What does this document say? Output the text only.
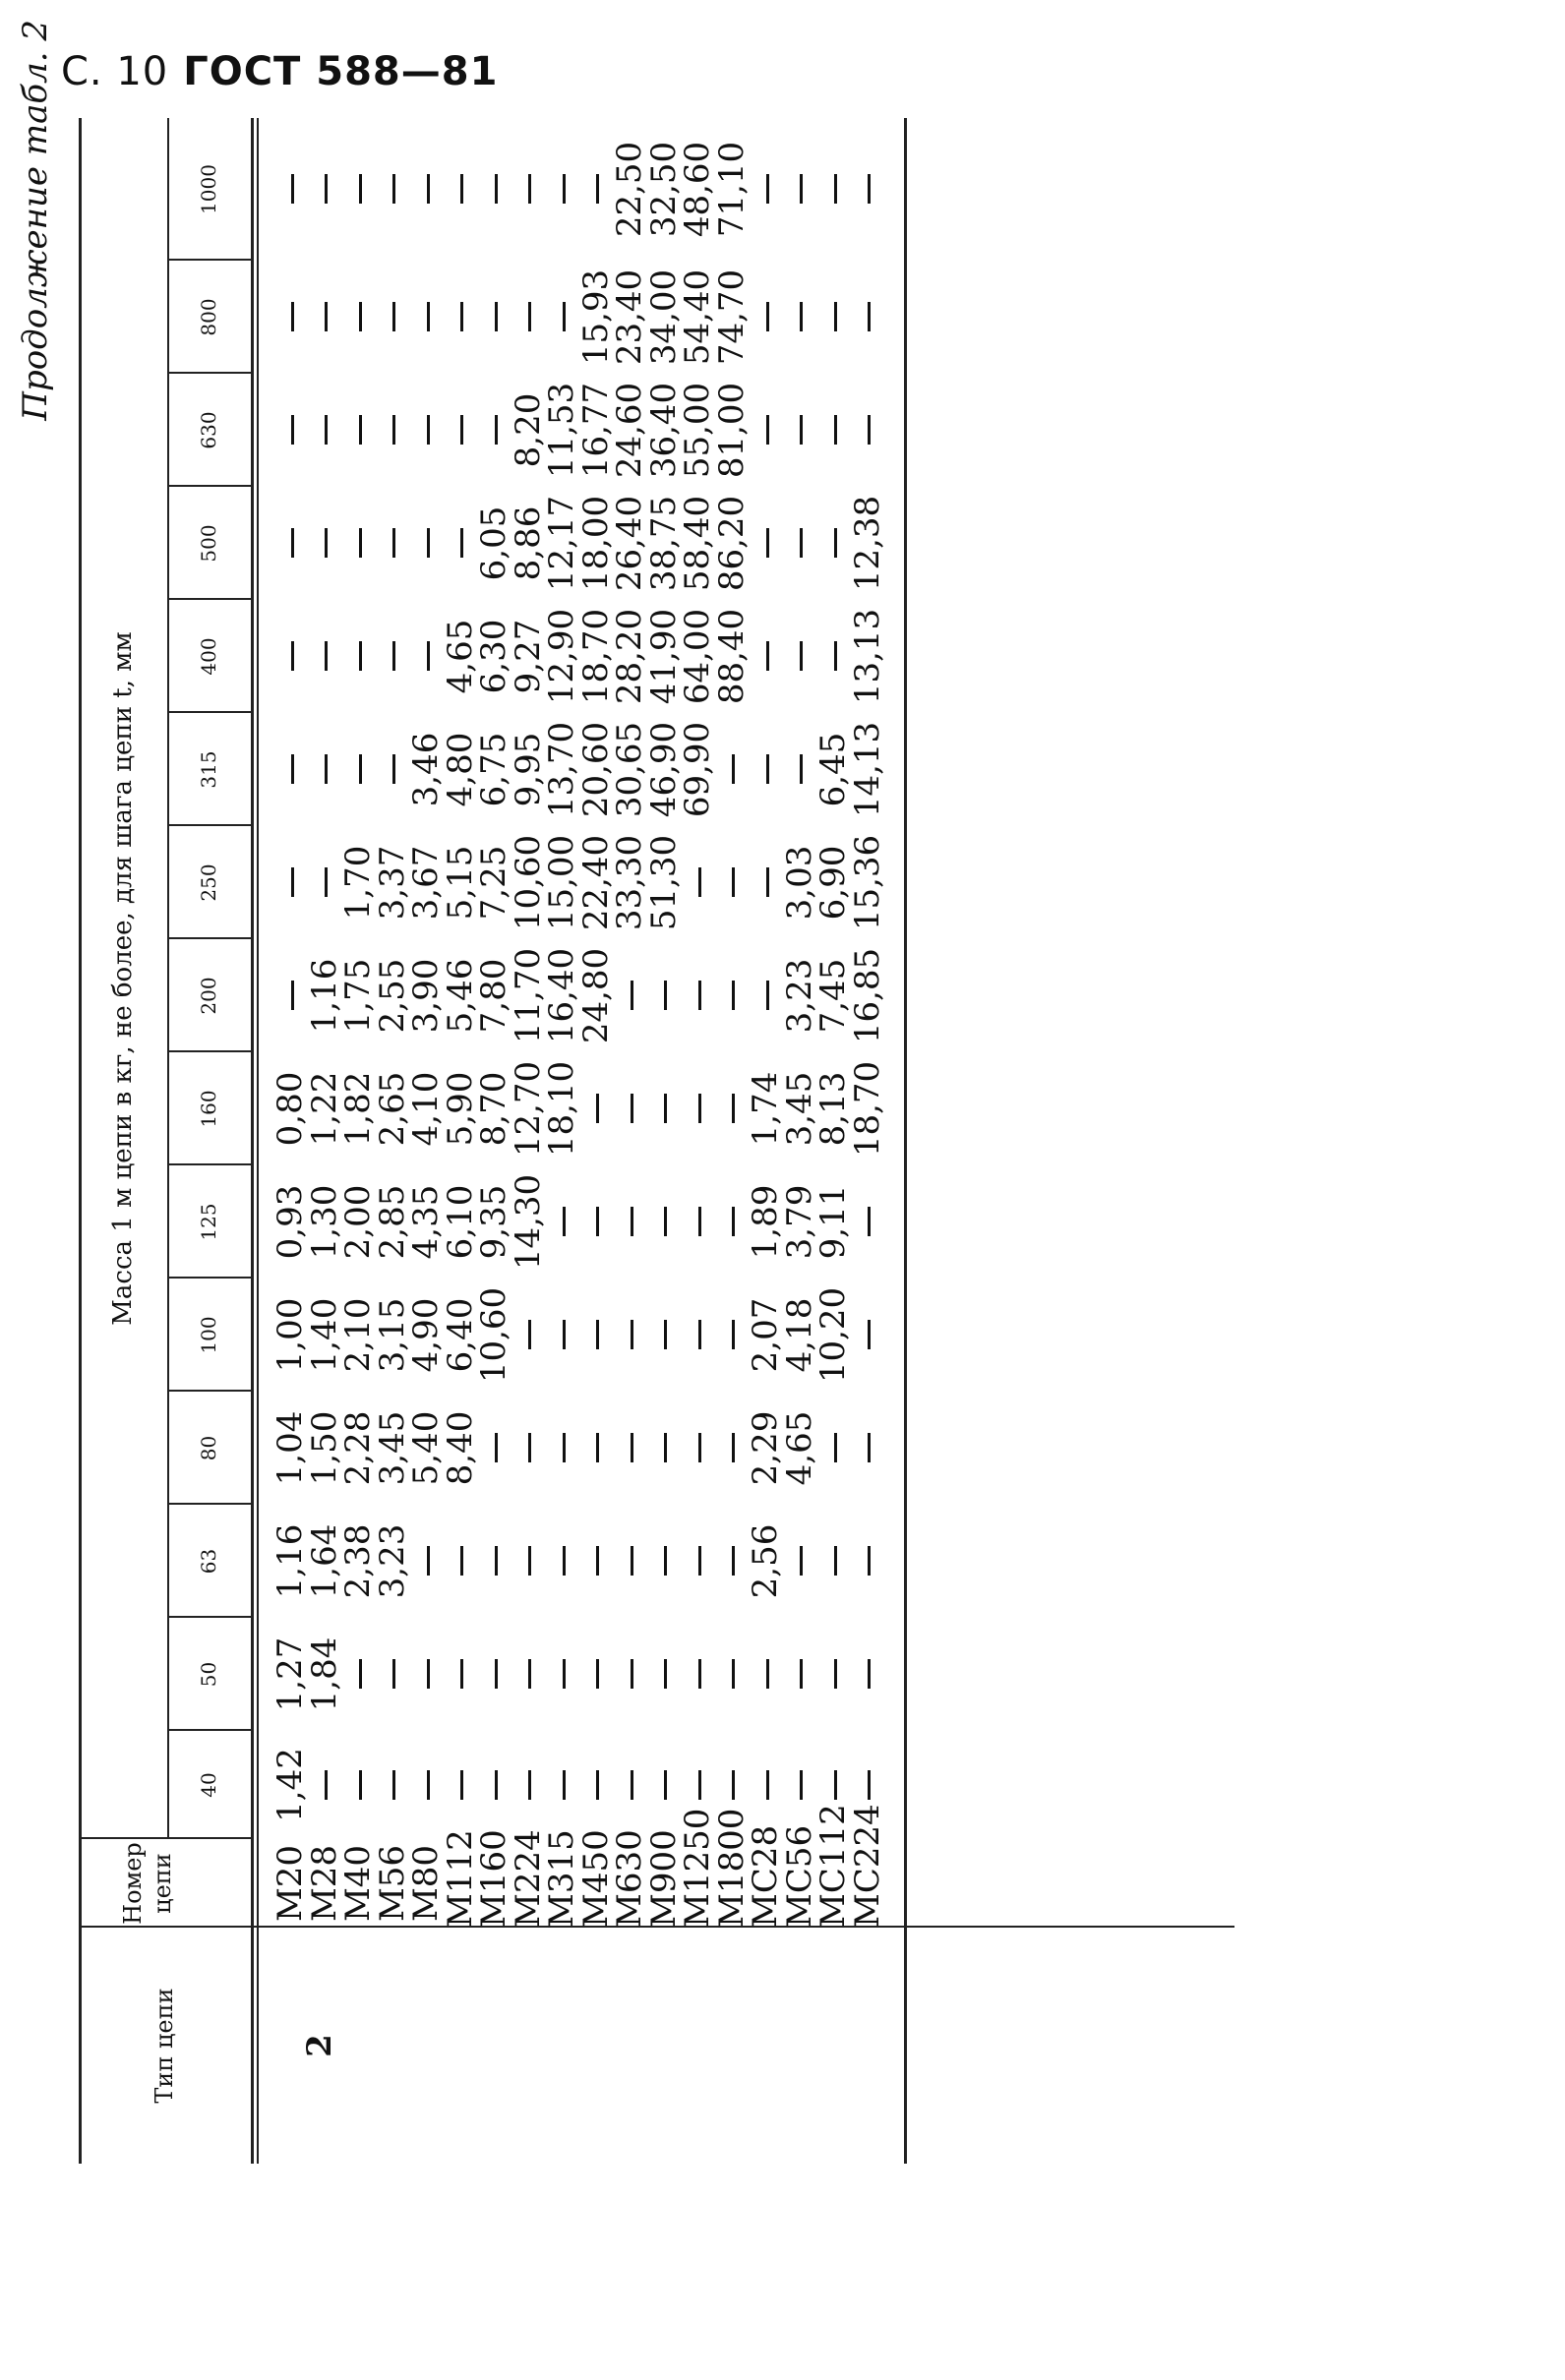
С. 10 ГОСТ 588—81
Продолжение табл. 2
Тип цепи
Номер цепи
Масса 1 м цепи в кг, не более, для шага цепи t, мм
40
50
63
80
100
125
160
200
250
315
400
500
630
800
1000
2
М20
1,42
1,27
1,16
1,04
1,00
0,93
0,80
М28
1,84
1,64
1,50
1,40
1,30
1,22
1,16
М40
2,38
2,28
2,10
2,00
1,82
1,75
1,70
М56
3,23
3,45
3,15
2,85
2,65
2,55
3,37
М80
5,40
4,90
4,35
4,10
3,90
3,67
3,46
М112
8,40
6,40
6,10
5,90
5,46
5,15
4,80
4,65
М160
10,60
9,35
8,70
7,80
7,25
6,75
6,30
6,05
М224
14,30
12,70
11,70
10,60
9,95
9,27
8,86
8,20
М315
18,10
16,40
15,00
13,70
12,90
12,17
11,53
М450
24,80
22,40
20,60
18,70
18,00
16,77
15,93
М630
33,30
30,65
28,20
26,40
24,60
23,40
22,50
М900
51,30
46,90
41,90
38,75
36,40
34,00
32,50
М1250
69,90
64,00
58,40
55,00
54,40
48,60
М1800
88,40
86,20
81,00
74,70
71,10
МС28
2,56
2,29
2,07
1,89
1,74
МС56
4,65
4,18
3,79
3,45
3,23
3,03
МС112
10,20
9,11
8,13
7,45
6,90
6,45
МС224
18,70
16,85
15,36
14,13
13,13
12,38
